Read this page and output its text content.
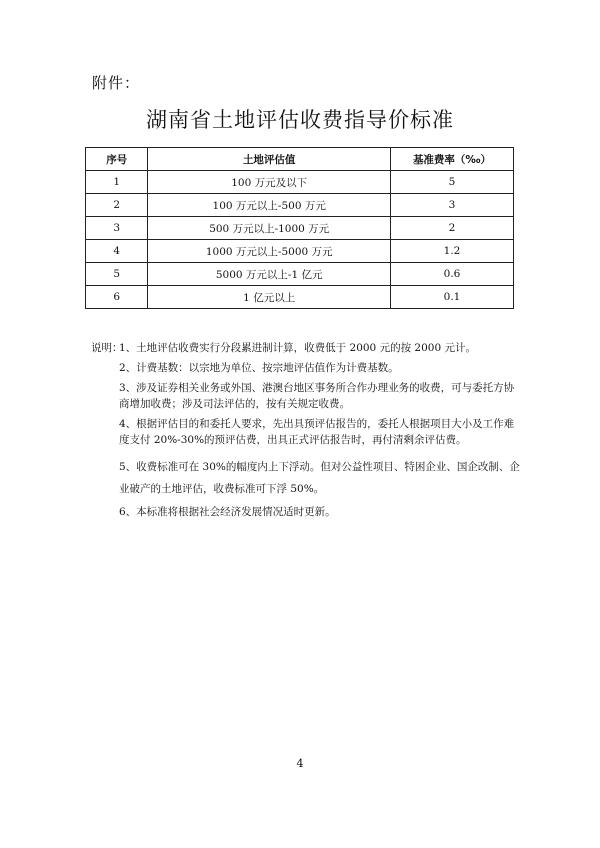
附件：
湖南省土地评估收费指导价标准
序号	土地评估值	基准费率（‰）
1	100 万元及以下	5
2	100 万元以上-500 万元	3
3	500 万元以上-1000 万元	2
4	1000 万元以上-5000 万元	1.2
5	5000 万元以上-1 亿元	0.6
6	1 亿元以上	0.1
说明：
1、土地评估收费实行分段累进制计算，收费低于 2000 元的按 2000 元计。
2、计费基数：以宗地为单位、按宗地评估值作为计费基数。
3、涉及证券相关业务或外国、港澳台地区事务所合作办理业务的收费，可与委托方协商增加收费；涉及司法评估的，按有关规定收费。
4、根据评估目的和委托人要求，先出具预评估报告的，委托人根据项目大小及工作难度支付 20%-30%的预评估费，出具正式评估报告时，再付清剩余评估费。
5、收费标准可在 30%的幅度内上下浮动。但对公益性项目、特困企业、国企改制、企业破产的土地评估，收费标准可下浮 50%。
6、本标准将根据社会经济发展情况适时更新。
4
